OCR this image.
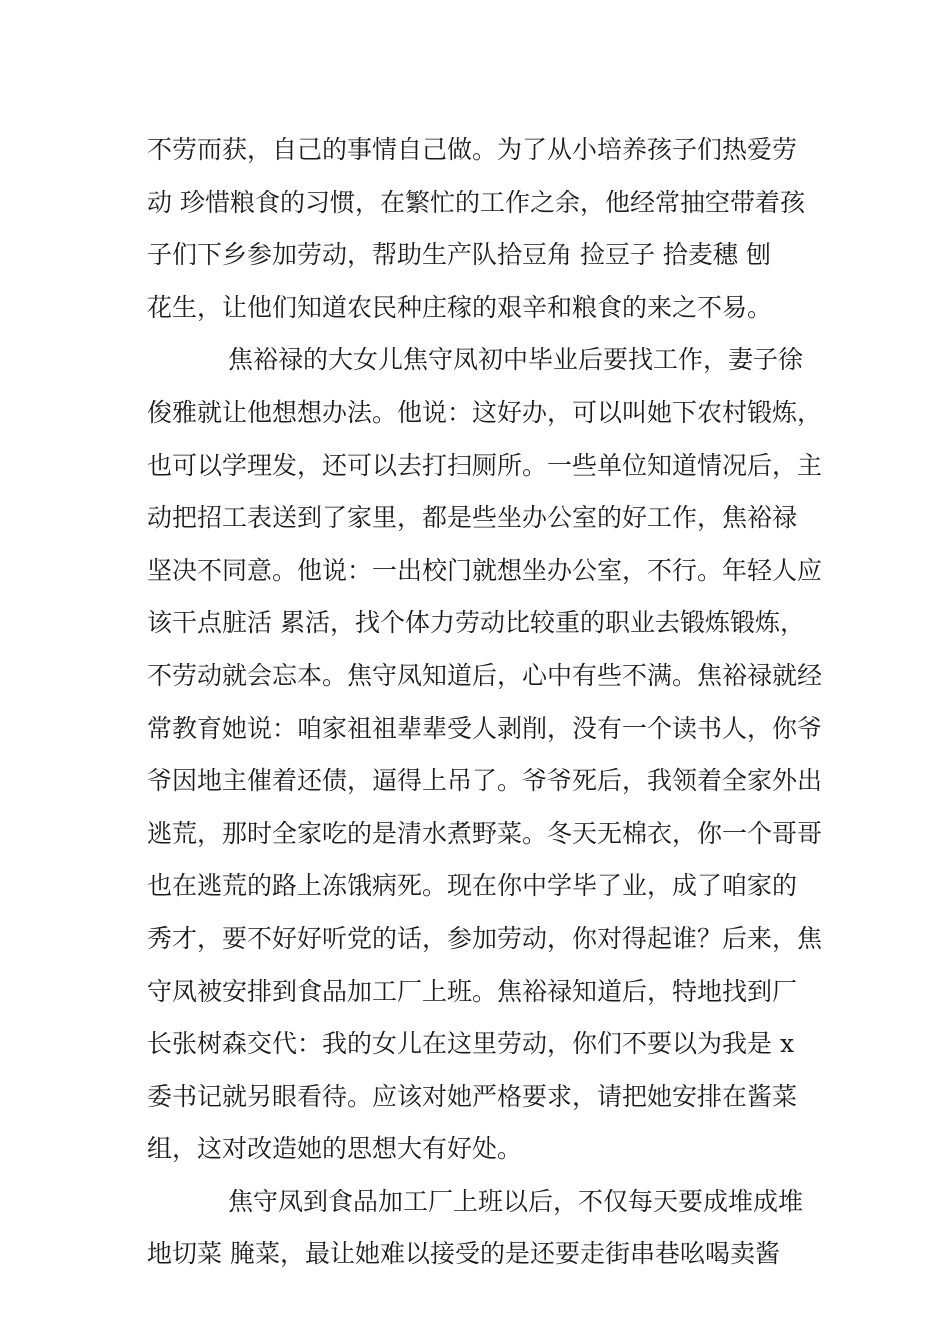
不劳而获，自己的事情自己做。为了从小培养孩子们热爱劳
动 珍惜粮食的习惯，在繁忙的工作之余，他经常抽空带着孩
子们下乡参加劳动，帮助生产队拾豆角 捡豆子 拾麦穗 刨
花生，让他们知道农民种庄稼的艰辛和粮食的来之不易。
焦裕禄的大女儿焦守凤初中毕业后要找工作，妻子徐
俊雅就让他想想办法。他说：这好办，可以叫她下农村锻炼，
也可以学理发，还可以去打扫厕所。一些单位知道情况后，主
动把招工表送到了家里，都是些坐办公室的好工作，焦裕禄
坚决不同意。他说：一出校门就想坐办公室，不行。年轻人应
该干点脏活 累活，找个体力劳动比较重的职业去锻炼锻炼，
不劳动就会忘本。焦守凤知道后，心中有些不满。焦裕禄就经
常教育她说：咱家祖祖辈辈受人剥削，没有一个读书人，你爷
爷因地主催着还债，逼得上吊了。爷爷死后，我领着全家外出
逃荒，那时全家吃的是清水煮野菜。冬天无棉衣，你一个哥哥
也在逃荒的路上冻饿病死。现在你中学毕了业，成了咱家的
秀才，要不好好听党的话，参加劳动，你对得起谁？后来，焦
守凤被安排到食品加工厂上班。焦裕禄知道后，特地找到厂
长张树森交代：我的女儿在这里劳动，你们不要以为我是 x
委书记就另眼看待。应该对她严格要求，请把她安排在酱菜
组，这对改造她的思想大有好处。
焦守凤到食品加工厂上班以后，不仅每天要成堆成堆
地切菜 腌菜，最让她难以接受的是还要走街串巷吆喝卖酱
